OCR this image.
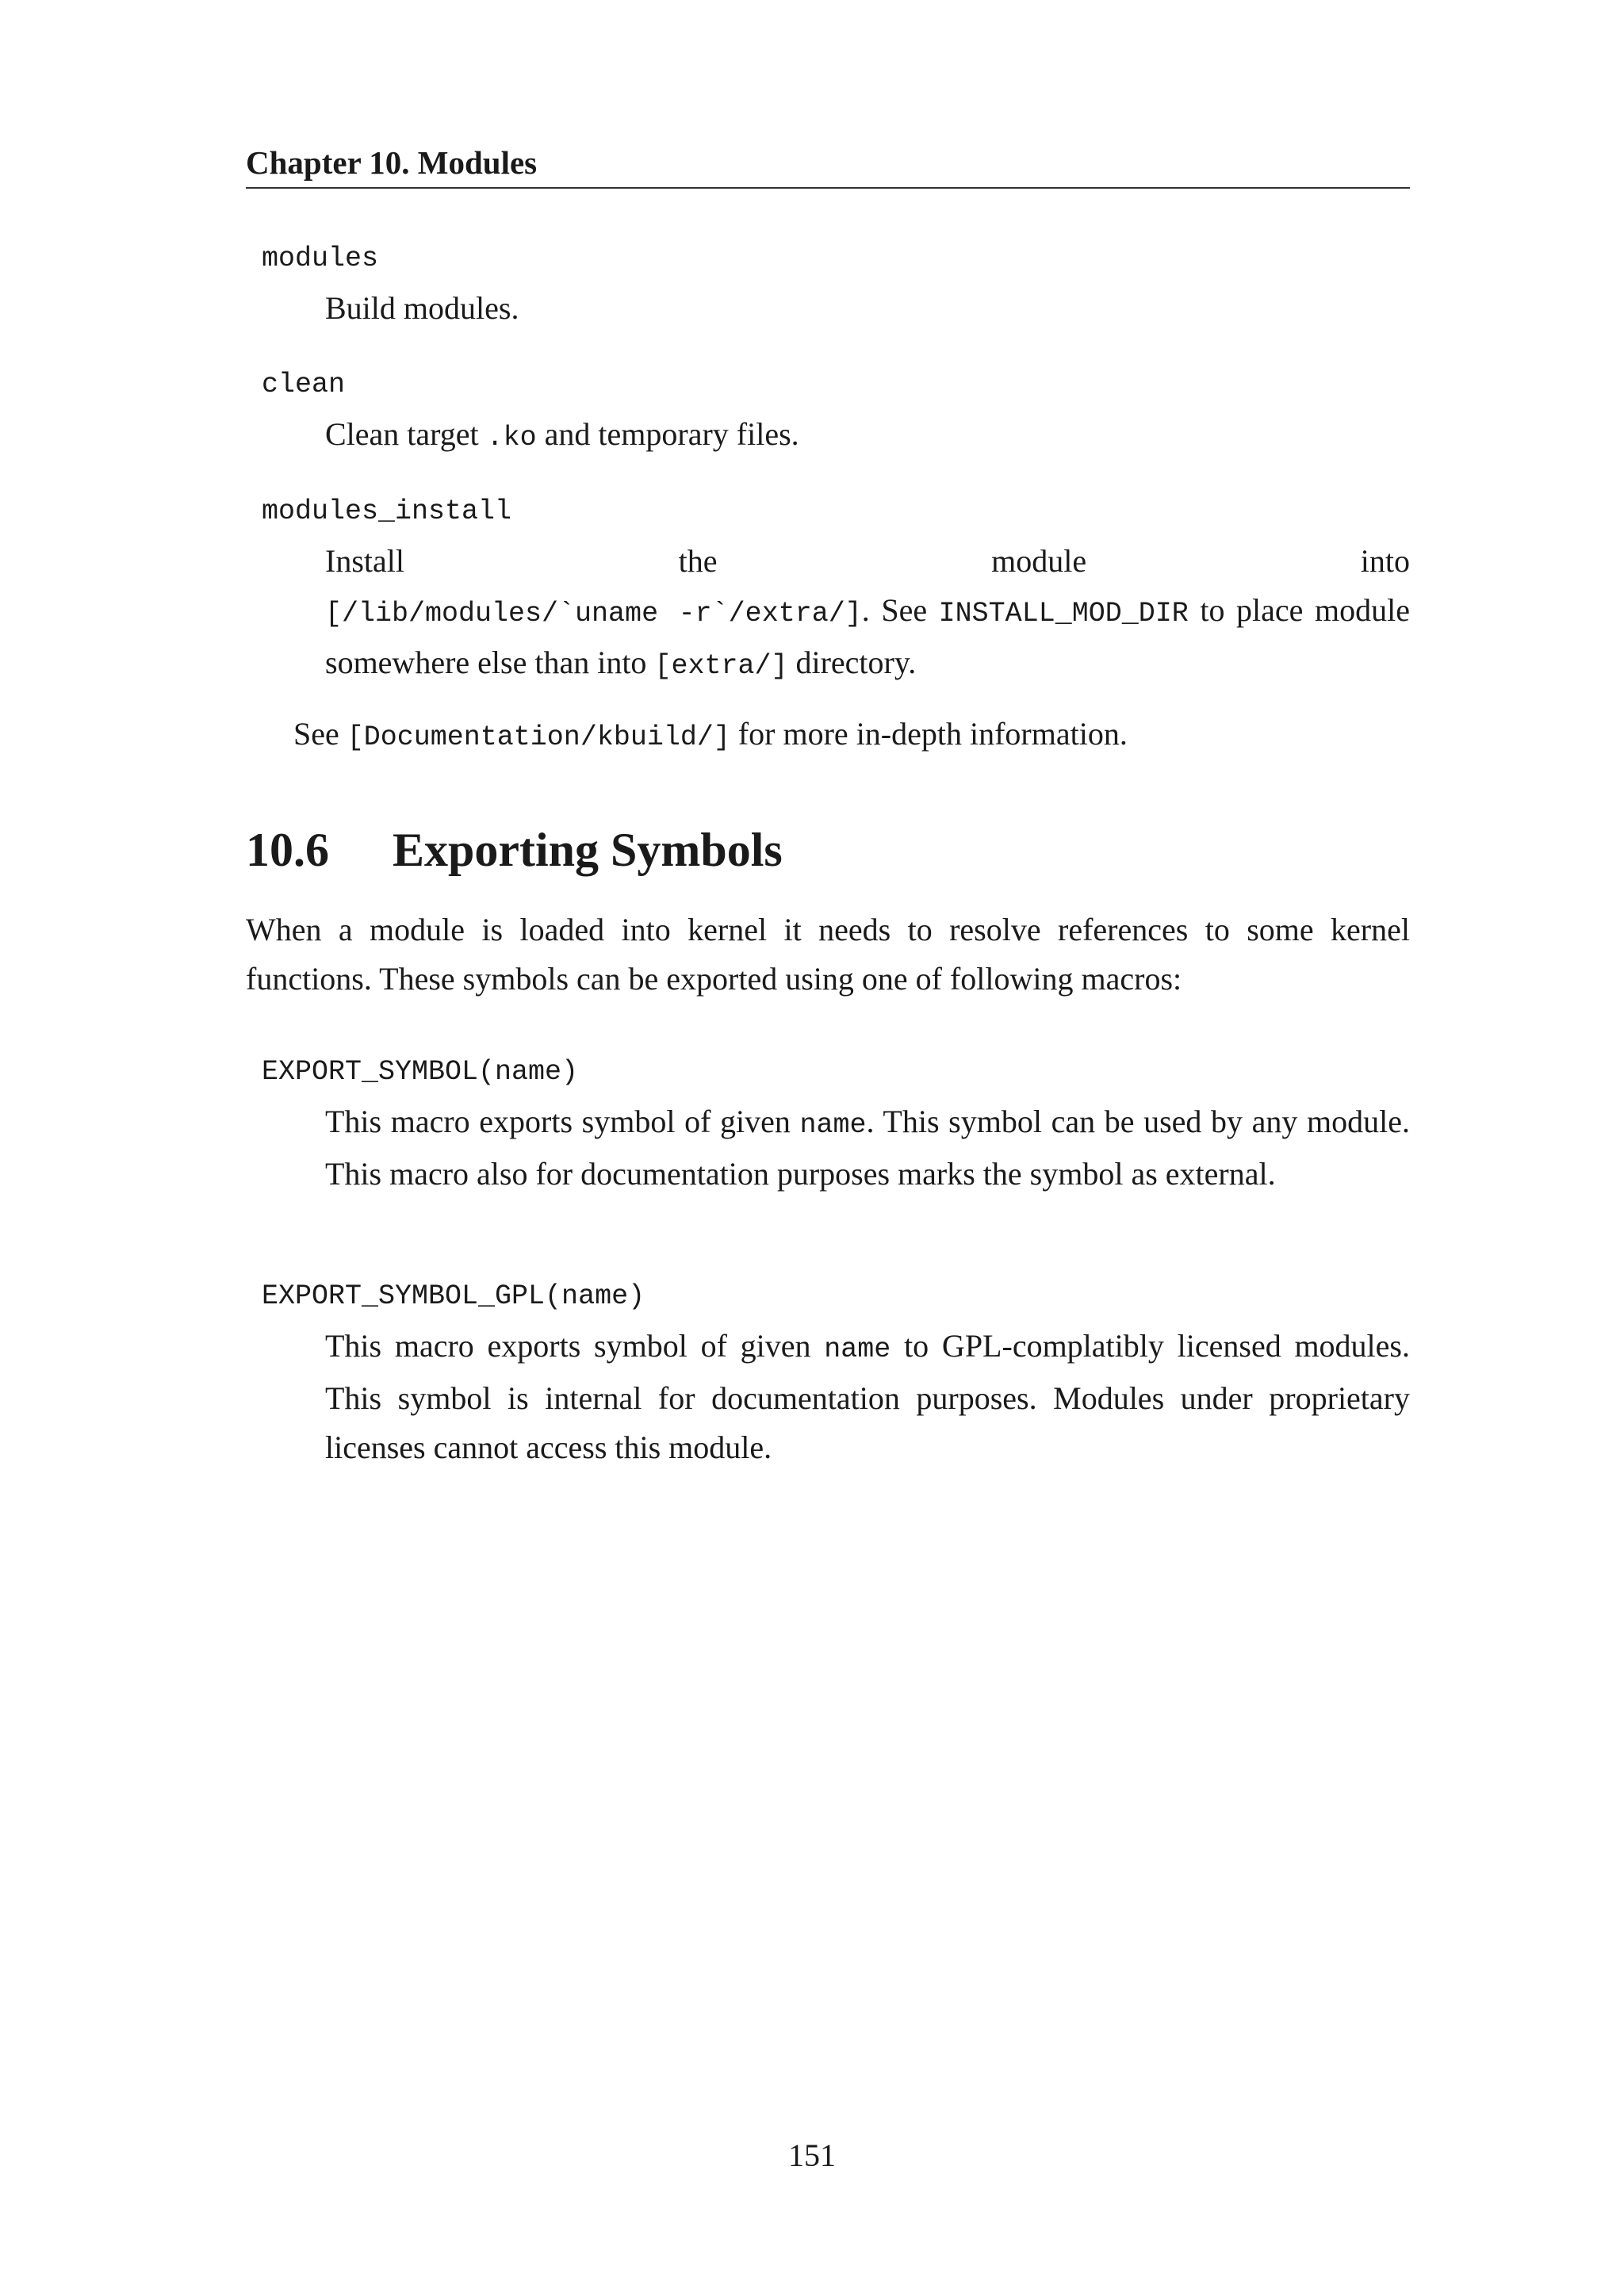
Chapter 10. Modules
modules
Build modules.
clean
Clean target .ko and temporary files.
modules_install
Install	the	module	into
[/lib/modules/`uname -r`/extra/]. See INSTALL_MOD_DIR to place module somewhere else than into [extra/] directory.
See [Documentation/kbuild/] for more in-depth information.
10.6 Exporting Symbols
When a module is loaded into kernel it needs to resolve references to some kernel functions. These symbols can be exported using one of following macros:
EXPORT_SYMBOL(name)
This macro exports symbol of given name. This symbol can be used by any module. This macro also for documentation purposes marks the symbol as external.
EXPORT_SYMBOL_GPL(name)
This macro exports symbol of given name to GPL-complatibly licensed modules. This symbol is internal for documentation purposes. Modules under proprietary licenses cannot access this module.
151
